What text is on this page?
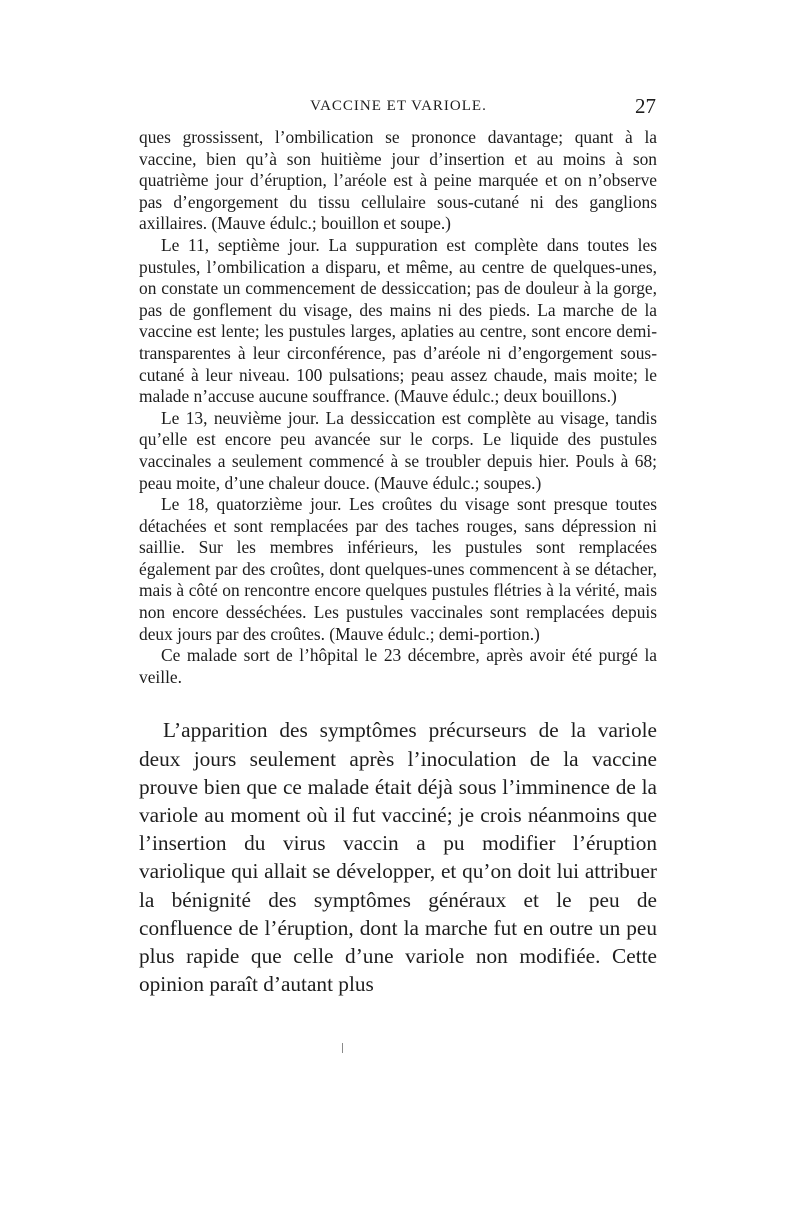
VACCINE ET VARIOLE.	27

ques grossissent, l’ombilication se prononce davantage; quant à la vaccine, bien qu’à son huitième jour d’insertion et au moins à son quatrième jour d’éruption, l’aréole est à peine marquée et on n’observe pas d’engorgement du tissu cellulaire sous-cutané ni des ganglions axillaires. (Mauve édulc.; bouillon et soupe.)

Le 11, septième jour. La suppuration est complète dans toutes les pustules, l’ombilication a disparu, et même, au centre de quelques-unes, on constate un commencement de dessiccation; pas de douleur à la gorge, pas de gonflement du visage, des mains ni des pieds. La marche de la vaccine est lente; les pustules larges, aplaties au centre, sont encore demi-transparentes à leur circonférence, pas d’aréole ni d’engorgement sous-cutané à leur niveau. 100 pulsations; peau assez chaude, mais moite; le malade n’accuse aucune souffrance. (Mauve édulc.; deux bouillons.)

Le 13, neuvième jour. La dessiccation est complète au visage, tandis qu’elle est encore peu avancée sur le corps. Le liquide des pustules vaccinales a seulement commencé à se troubler depuis hier. Pouls à 68; peau moite, d’une chaleur douce. (Mauve édulc.; soupes.)

Le 18, quatorzième jour. Les croûtes du visage sont presque toutes détachées et sont remplacées par des taches rouges, sans dépression ni saillie. Sur les membres inférieurs, les pustules sont remplacées également par des croûtes, dont quelques-unes commencent à se détacher, mais à côté on rencontre encore quelques pustules flétries à la vérité, mais non encore desséchées. Les pustules vaccinales sont remplacées depuis deux jours par des croûtes. (Mauve édulc.; demi-portion.)

Ce malade sort de l’hôpital le 23 décembre, après avoir été purgé la veille.

L’apparition des symptômes précurseurs de la variole deux jours seulement après l’inoculation de la vaccine prouve bien que ce malade était déjà sous l’imminence de la variole au moment où il fut vacciné; je crois néanmoins que l’insertion du virus vaccin a pu modifier l’éruption variolique qui allait se développer, et qu’on doit lui attribuer la bénignité des symptômes généraux et le peu de confluence de l’éruption, dont la marche fut en outre un peu plus rapide que celle d’une variole non modifiée. Cette opinion paraît d’autant plus
